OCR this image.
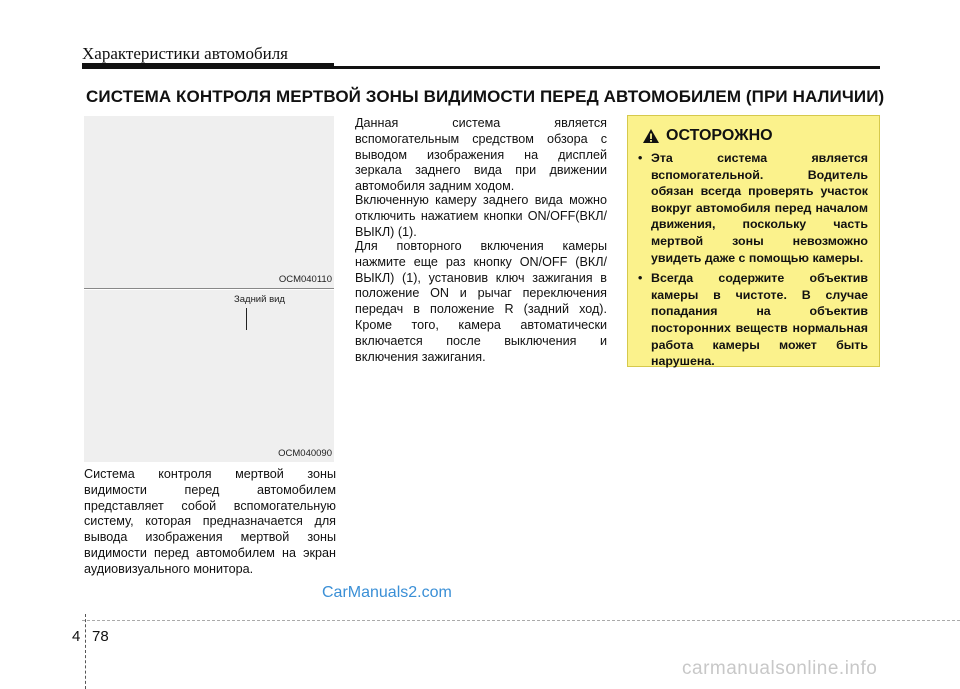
Характеристики автомобиля
СИСТЕМА КОНТРОЛЯ МЕРТВОЙ ЗОНЫ ВИДИМОСТИ ПЕРЕД АВТОМОБИЛЕМ (ПРИ НАЛИЧИИ)
OCM040110
Задний вид
OCM040090

Система контроля мертвой зоны видимости перед автомобилем представляет собой вспомогательную систему, которая предназначается для вывода изображения мертвой зоны видимости перед автомобилем на экран аудиовизуального монитора.

Данная система является вспомогательным средством обзора с выводом изображения на дисплей зеркала заднего вида при движении автомобиля задним ходом.

Включенную камеру заднего вида можно отключить нажатием кнопки ON/OFF(ВКЛ/ВЫКЛ) (1).

Для повторного включения камеры нажмите еще раз кнопку ON/OFF (ВКЛ/ВЫКЛ) (1), установив ключ зажигания в положение ON и рычаг переключения передач в положение R (задний ход). Кроме того, камера автоматически включается после выключения и включения зажигания.

ОСТОРОЖНО
• Эта система является вспомогательной. Водитель обязан всегда проверять участок вокруг автомобиля перед началом движения, поскольку часть мертвой зоны невозможно увидеть даже с помощью камеры.
• Всегда содержите объектив камеры в чистоте. В случае попадания на объектив посторонних веществ нормальная работа камеры может быть нарушена.
CarManuals2.com
4 78
carmanualsonline.info
